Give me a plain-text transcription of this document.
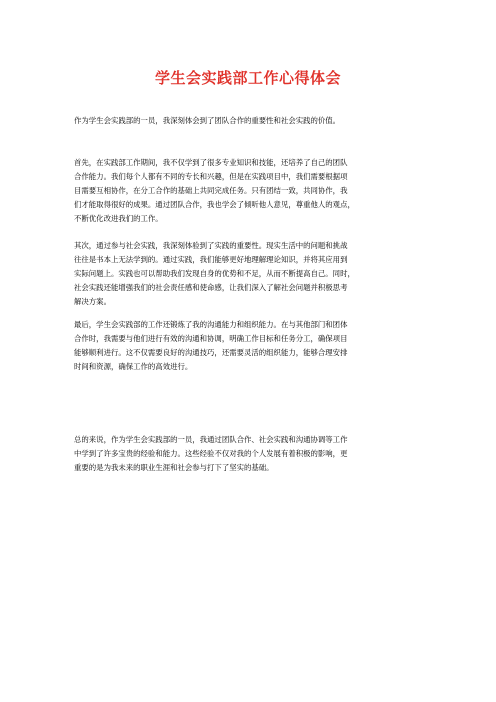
学生会实践部工作心得体会
作为学生会实践部的一员，我深刻体会到了团队合作的重要性和社会实践的价值。
首先，在实践部工作期间，我不仅学到了很多专业知识和技能，还培养了自己的团队
合作能力。我们每个人都有不同的专长和兴趣，但是在实践项目中，我们需要根据项
目需要互相协作，在分工合作的基础上共同完成任务。只有团结一致，共同协作，我
们才能取得很好的成果。通过团队合作，我也学会了倾听他人意见，尊重他人的观点，
不断优化改进我们的工作。
其次，通过参与社会实践，我深刻体验到了实践的重要性。现实生活中的问题和挑战
往往是书本上无法学到的。通过实践，我们能够更好地理解理论知识，并将其应用到
实际问题上。实践也可以帮助我们发现自身的优势和不足，从而不断提高自己。同时，
社会实践还能增强我们的社会责任感和使命感，让我们深入了解社会问题并积极思考
解决方案。
最后，学生会实践部的工作还锻炼了我的沟通能力和组织能力。在与其他部门和团体
合作时，我需要与他们进行有效的沟通和协调，明确工作目标和任务分工，确保项目
能够顺利进行。这不仅需要良好的沟通技巧，还需要灵活的组织能力，能够合理安排
时间和资源，确保工作的高效进行。
总的来说，作为学生会实践部的一员，我通过团队合作、社会实践和沟通协调等工作
中学到了许多宝贵的经验和能力。这些经验不仅对我的个人发展有着积极的影响，更
重要的是为我未来的职业生涯和社会参与打下了坚实的基础。
